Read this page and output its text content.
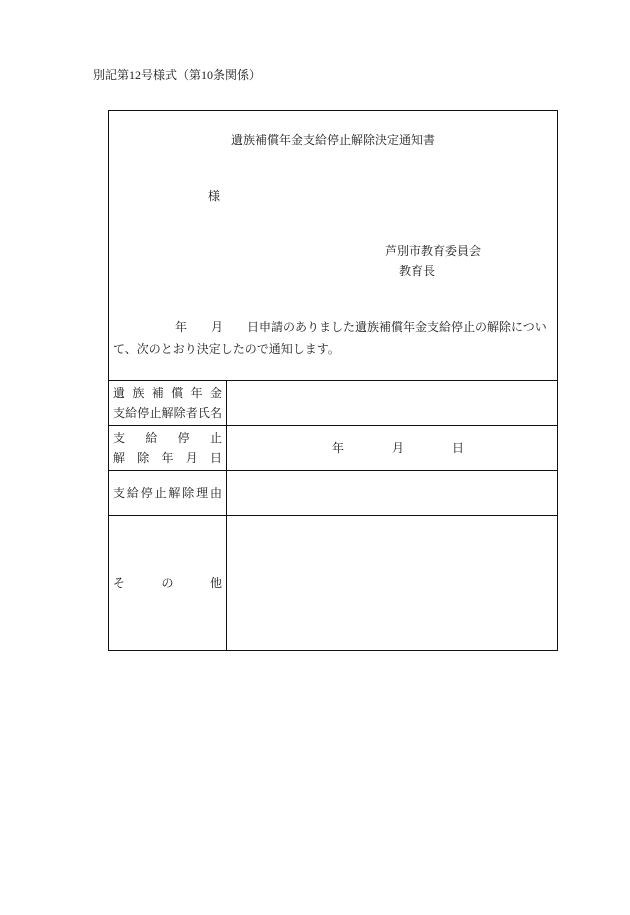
別記第12号様式（第10条関係）
遺族補償年金支給停止解除決定通知書
様
芦別市教育委員会
教育長
年　　月　　日申請のありました遺族補償年金支給停止の解除につい
て、次のとおり決定したので通知します。
遺族補償年金
支給停止解除者氏名
支給停止
解除年月日
年　　　　月　　　　日
支給停止解除理由
その他
